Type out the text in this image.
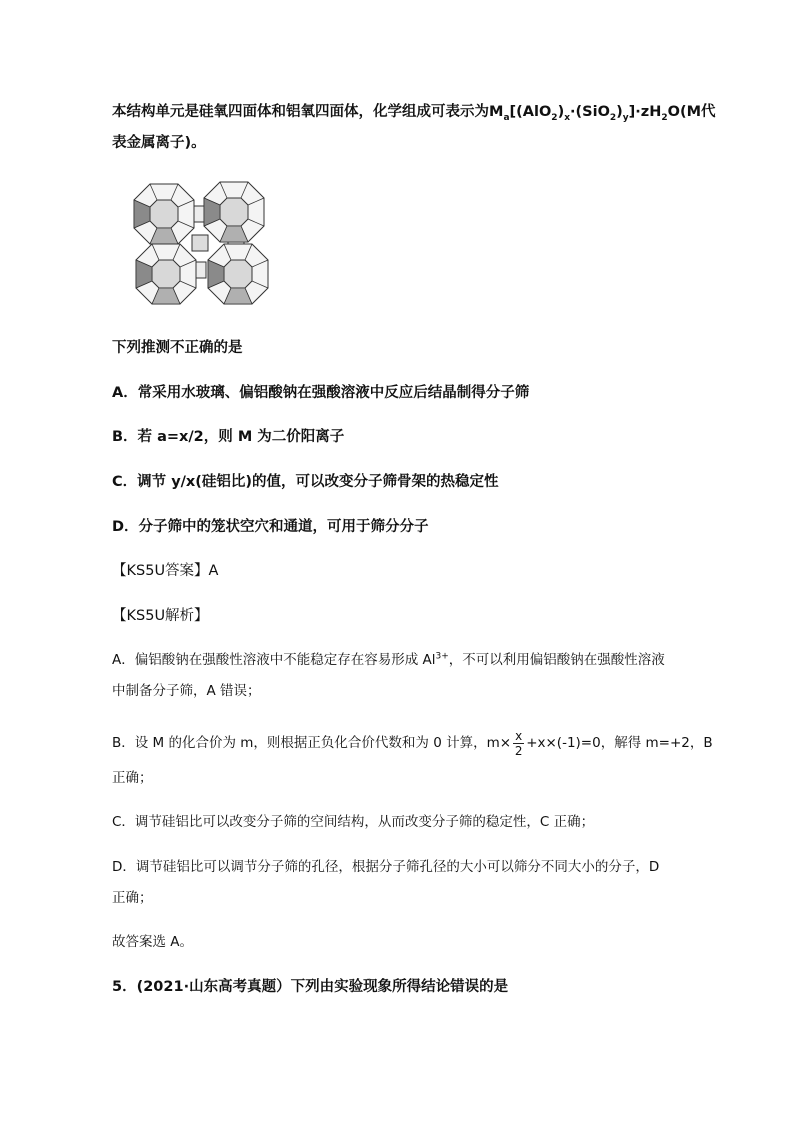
本结构单元是硅氧四面体和铝氧四面体，化学组成可表示为$M_a[(AlO_2)_x\cdot(SiO_2)_y]\cdot zH_2O(M$代
表金属离子)。
下列推测不正确的是
A．常采用水玻璃、偏铝酸钠在强酸溶液中反应后结晶制得分子筛
B．若 a=x/2，则 M 为二价阳离子
C．调节 y/x(硅铝比)的值，可以改变分子筛骨架的热稳定性
D．分子筛中的笼状空穴和通道，可用于筛分分子
【KS5U答案】A
【KS5U解析】
A．偏铝酸钠在强酸性溶液中不能稳定存在容易形成 $Al^{3+}$，不可以利用偏铝酸钠在强酸性溶液
中制备分子筛，A 错误；
B．设 M 的化合价为 m，则根据正负化合价代数和为 0 计算，$m\times \frac{x}{2} +x\times(-1)=0$，解得 m=+2，B
正确；
C．调节硅铝比可以改变分子筛的空间结构，从而改变分子筛的稳定性，C 正确；
D．调节硅铝比可以调节分子筛的孔径，根据分子筛孔径的大小可以筛分不同大小的分子，D
正确；
故答案选 A。
5．(2021·山东高考真题）下列由实验现象所得结论错误的是
